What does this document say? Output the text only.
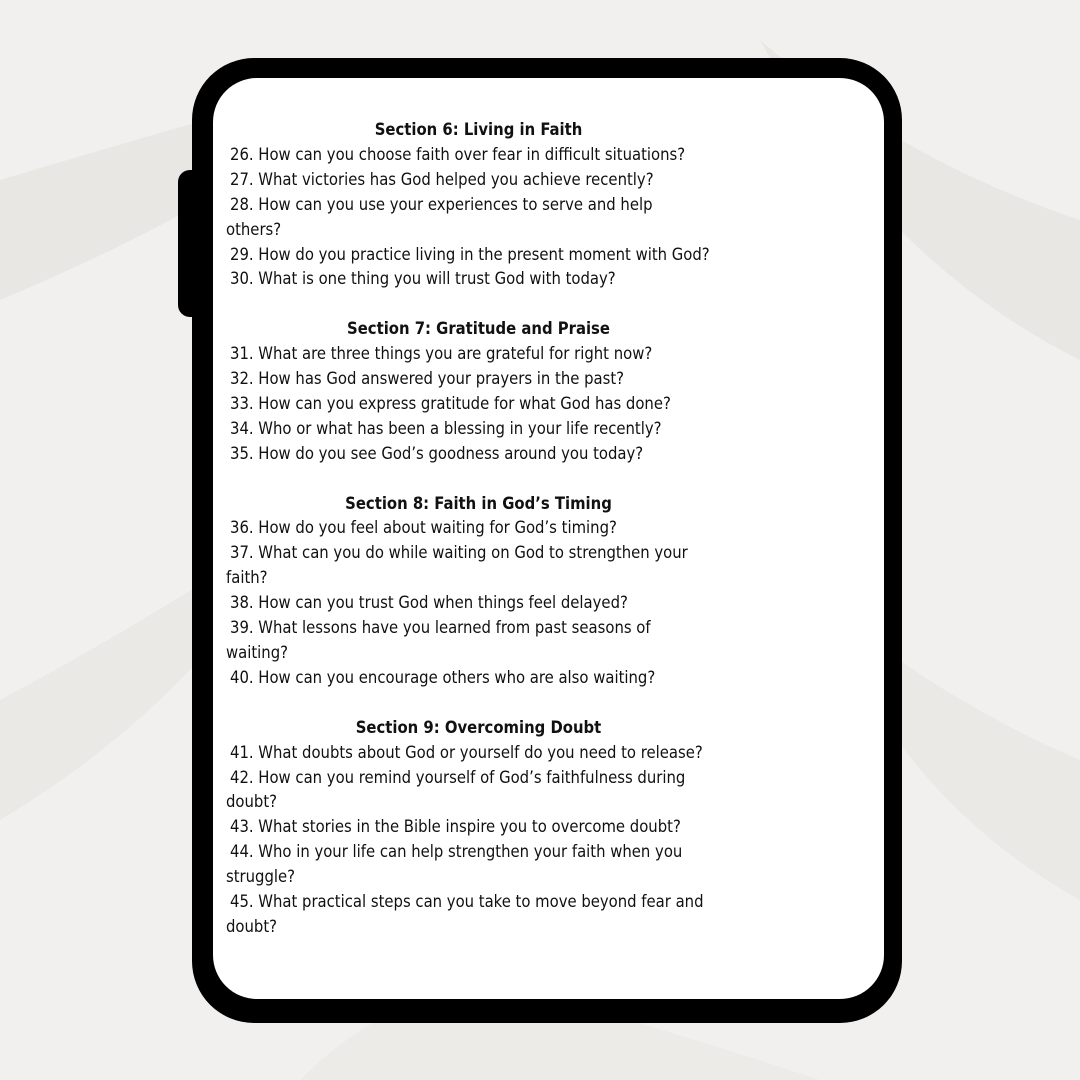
Section 6: Living in Faith
26. How can you choose faith over fear in difficult situations?
27. What victories has God helped you achieve recently?
28. How can you use your experiences to serve and help others?
29. How do you practice living in the present moment with God?
30. What is one thing you will trust God with today?
Section 7: Gratitude and Praise
31. What are three things you are grateful for right now?
32. How has God answered your prayers in the past?
33. How can you express gratitude for what God has done?
34. Who or what has been a blessing in your life recently?
35. How do you see God’s goodness around you today?
Section 8: Faith in God’s Timing
36. How do you feel about waiting for God’s timing?
37. What can you do while waiting on God to strengthen your faith?
38. How can you trust God when things feel delayed?
39. What lessons have you learned from past seasons of waiting?
40. How can you encourage others who are also waiting?
Section 9: Overcoming Doubt
41. What doubts about God or yourself do you need to release?
42. How can you remind yourself of God’s faithfulness during doubt?
43. What stories in the Bible inspire you to overcome doubt?
44. Who in your life can help strengthen your faith when you struggle?
45. What practical steps can you take to move beyond fear and doubt?
